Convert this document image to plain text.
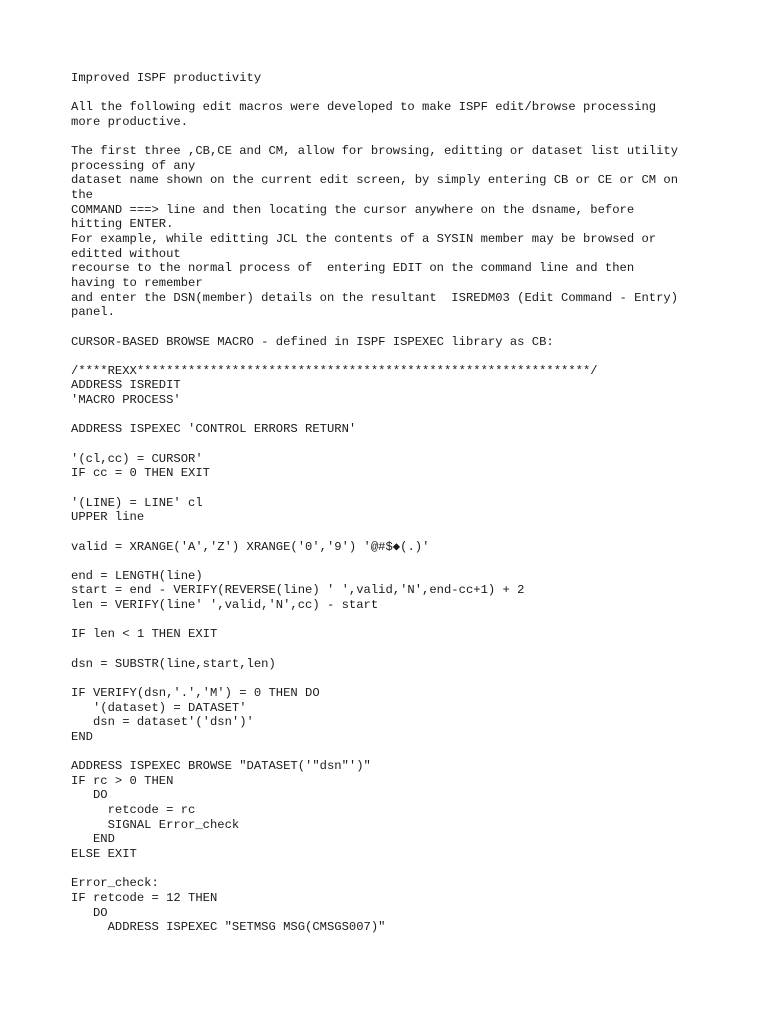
Improved ISPF productivity
All the following edit macros were developed to make ISPF edit/browse processing
more productive.
The first three ,CB,CE and CM, allow for browsing, editting or dataset list utility
processing of any
dataset name shown on the current edit screen, by simply entering CB or CE or CM on
the
COMMAND ===> line and then locating the cursor anywhere on the dsname, before
hitting ENTER.
For example, while editting JCL the contents of a SYSIN member may be browsed or
editted without
recourse to the normal process of  entering EDIT on the command line and then
having to remember
and enter the DSN(member) details on the resultant  ISREDM03 (Edit Command - Entry)
panel.
CURSOR-BASED BROWSE MACRO - defined in ISPF ISPEXEC library as CB:
/****REXX**************************************************************/
ADDRESS ISREDIT
'MACRO PROCESS'
ADDRESS ISPEXEC 'CONTROL ERRORS RETURN'
'(cl,cc) = CURSOR'
IF cc = 0 THEN EXIT
'(LINE) = LINE' cl
UPPER line
valid = XRANGE('A','Z') XRANGE('0','9') '@#$◆(.)'
end = LENGTH(line)
start = end - VERIFY(REVERSE(line) ' ',valid,'N',end-cc+1) + 2
len = VERIFY(line' ',valid,'N',cc) - start
IF len < 1 THEN EXIT
dsn = SUBSTR(line,start,len)
IF VERIFY(dsn,'.','M') = 0 THEN DO
'(dataset) = DATASET'
dsn = dataset'('dsn')'
END
ADDRESS ISPEXEC BROWSE "DATASET('"dsn"')"
IF rc > 0 THEN
DO
retcode = rc
SIGNAL Error_check
END
ELSE EXIT
Error_check:
IF retcode = 12 THEN
DO
ADDRESS ISPEXEC "SETMSG MSG(CMSGS007)"
